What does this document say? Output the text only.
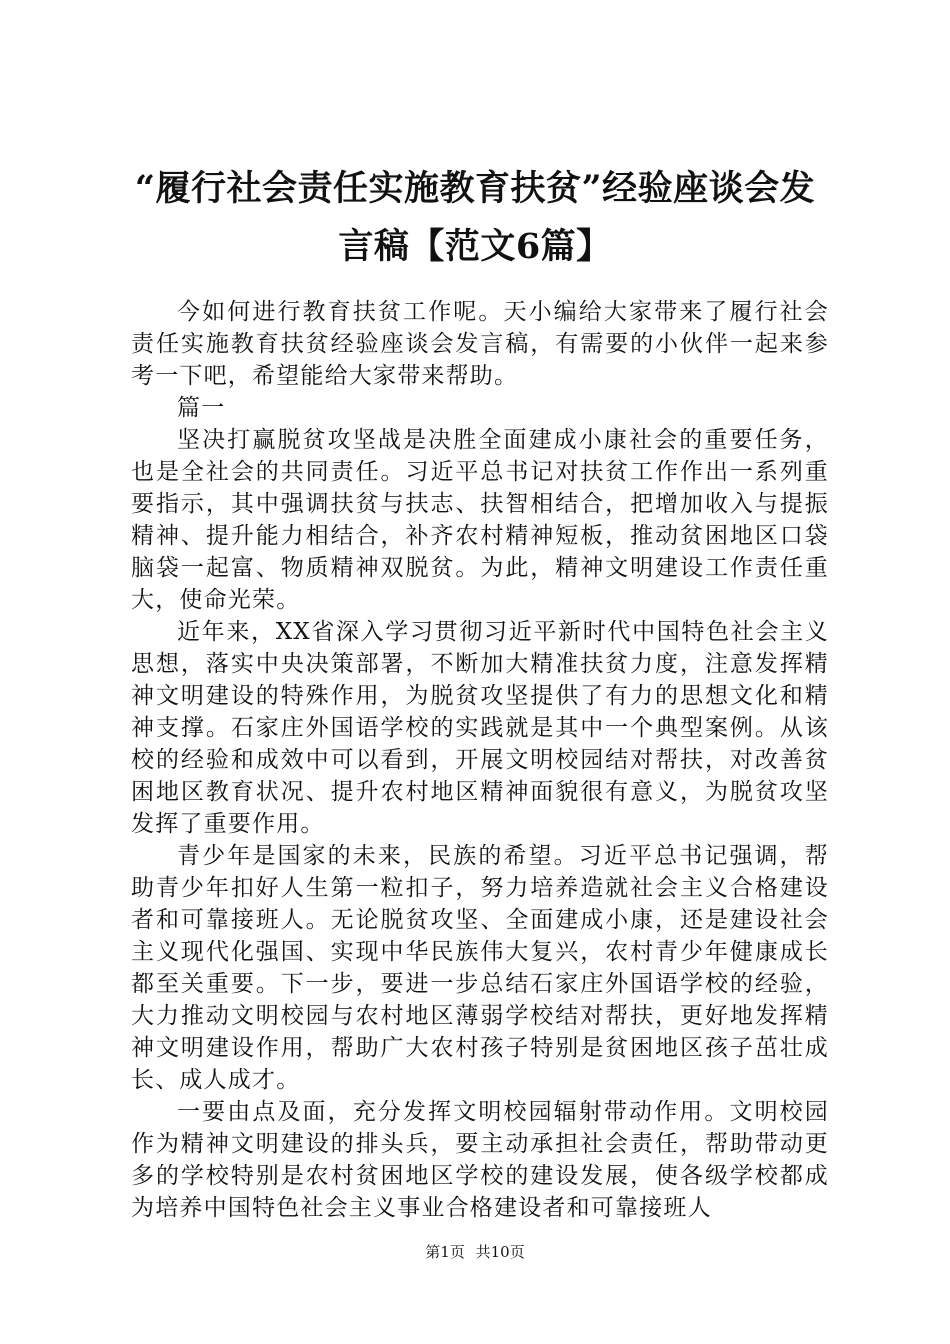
“履行社会责任实施教育扶贫”经验座谈会发言稿【范文6篇】

今如何进行教育扶贫工作呢。天小编给大家带来了履行社会责任实施教育扶贫经验座谈会发言稿，有需要的小伙伴一起来参考一下吧，希望能给大家带来帮助。

篇一

坚决打赢脱贫攻坚战是决胜全面建成小康社会的重要任务，也是全社会的共同责任。习近平总书记对扶贫工作作出一系列重要指示，其中强调扶贫与扶志、扶智相结合，把增加收入与提振精神、提升能力相结合，补齐农村精神短板，推动贫困地区口袋脑袋一起富、物质精神双脱贫。为此，精神文明建设工作责任重大，使命光荣。

近年来，XX省深入学习贯彻习近平新时代中国特色社会主义思想，落实中央决策部署，不断加大精准扶贫力度，注意发挥精神文明建设的特殊作用，为脱贫攻坚提供了有力的思想文化和精神支撑。石家庄外国语学校的实践就是其中一个典型案例。从该校的经验和成效中可以看到，开展文明校园结对帮扶，对改善贫困地区教育状况、提升农村地区精神面貌很有意义，为脱贫攻坚发挥了重要作用。

青少年是国家的未来，民族的希望。习近平总书记强调，帮助青少年扣好人生第一粒扣子，努力培养造就社会主义合格建设者和可靠接班人。无论脱贫攻坚、全面建成小康，还是建设社会主义现代化强国、实现中华民族伟大复兴，农村青少年健康成长都至关重要。下一步，要进一步总结石家庄外国语学校的经验，大力推动文明校园与农村地区薄弱学校结对帮扶，更好地发挥精神文明建设作用，帮助广大农村孩子特别是贫困地区孩子茁壮成长、成人成才。

一要由点及面，充分发挥文明校园辐射带动作用。文明校园作为精神文明建设的排头兵，要主动承担社会责任，帮助带动更多的学校特别是农村贫困地区学校的建设发展，使各级学校都成为培养中国特色社会主义事业合格建设者和可靠接班人

第1页 共10页
